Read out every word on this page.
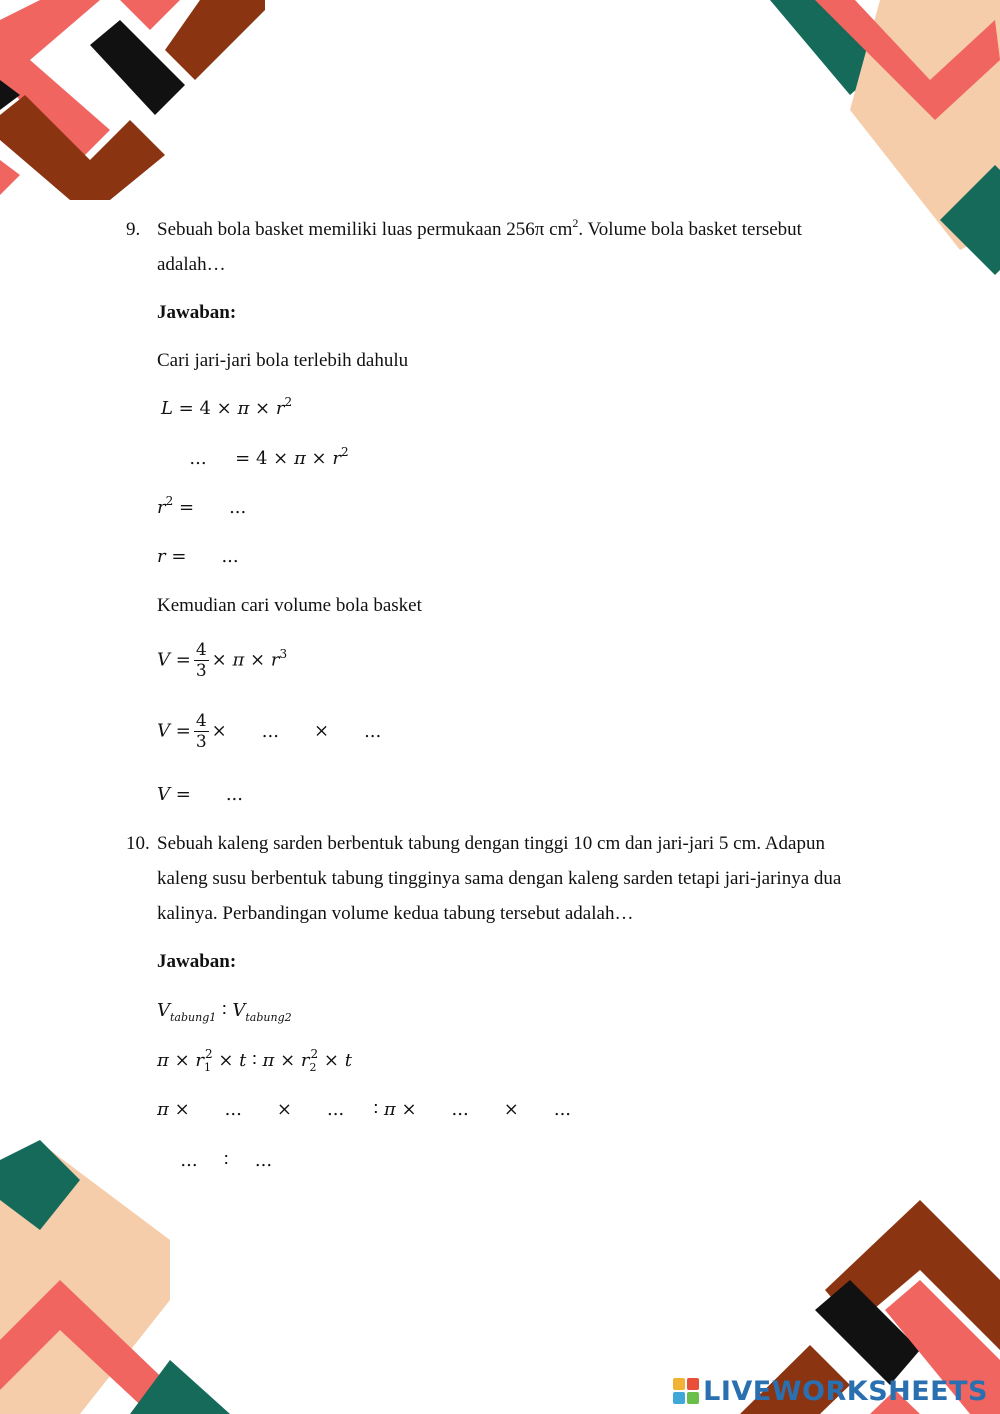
9. Sebuah bola basket memiliki luas permukaan 256π $cm^2$. Volume bola basket tersebut
adalah…
Jawaban:
Cari jari-jari bola terlebih dahulu
$L = 4 \times \pi \times r^2$
...   = $4 \times \pi \times r^2$
$r^2$ =     ...
r =     ...
Kemudian cari volume bola basket
$V = \frac{4}{3} \times \pi \times r^3$
$V = \frac{4}{3}$ ×     ...     ×     ...
V =     ...
10. Sebuah kaleng sarden berbentuk tabung dengan tinggi 10 cm dan jari-jari 5 cm. Adapun
kaleng susu berbentuk tabung tingginya sama dengan kaleng sarden tetapi jari-jarinya dua
kalinya. Perbandingan volume kedua tabung tersebut adalah…
Jawaban:
$V_{tabung1}$ ∶ $V_{tabung2}$
$\pi \times r_1^2 \times t$ ∶ $\pi \times r_2^2 \times t$
π ×     ...     ×     ...    ∶ π ×     ...     ×     ...
...    ∶    ...
LIVEWORKSHEETS
